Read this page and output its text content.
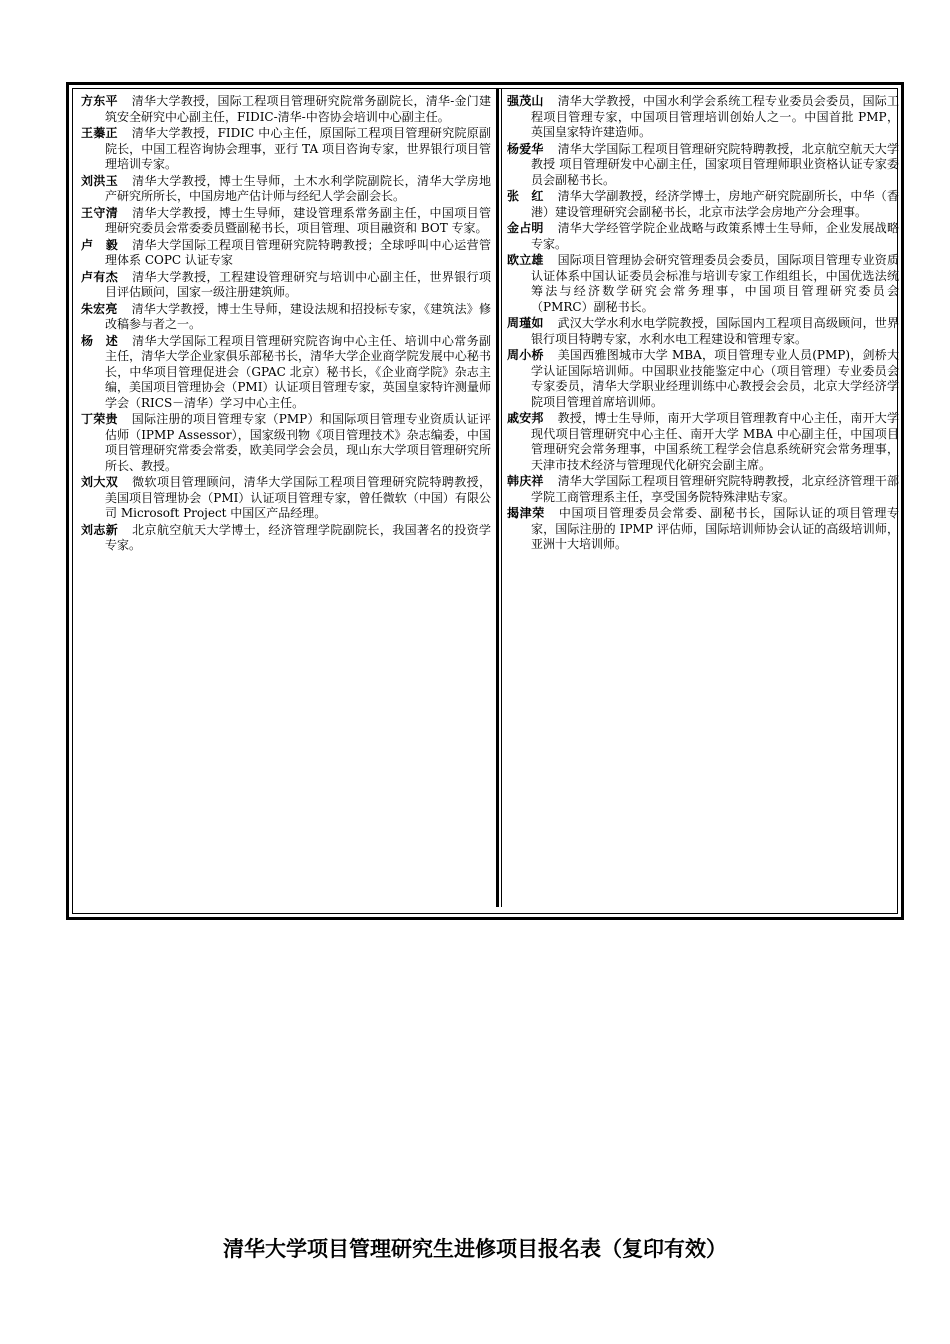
方东平 清华大学教授，国际工程项目管理研究院常务副院长，清华-金门建筑安全研究中心副主任，FIDIC-清华-中咨协会培训中心副主任。
王蓁正 清华大学教授，FIDIC 中心主任，原国际工程项目管理研究院原副院长，中国工程咨询协会理事，亚行 TA 项目咨询专家，世界银行项目管理培训专家。
刘洪玉 清华大学教授，博士生导师，土木水利学院副院长，清华大学房地产研究所所长，中国房地产估计师与经纪人学会副会长。
王守清 清华大学教授，博士生导师，建设管理系常务副主任，中国项目管理研究委员会常委委员暨副秘书长，项目管理、项目融资和 BOT 专家。
卢　毅 清华大学国际工程项目管理研究院特聘教授；全球呼叫中心运营管理体系 COPC 认证专家
卢有杰 清华大学教授，工程建设管理研究与培训中心副主任，世界银行项目评估顾问，国家一级注册建筑师。
朱宏亮 清华大学教授，博士生导师，建设法规和招投标专家，《建筑法》修改稿参与者之一。
杨　述 清华大学国际工程项目管理研究院咨询中心主任、培训中心常务副主任，清华大学企业家俱乐部秘书长，清华大学企业商学院发展中心秘书长，中华项目管理促进会（GPAC 北京）秘书长，《企业商学院》杂志主编，美国项目管理协会（PMI）认证项目管理专家，英国皇家特许测量师学会（RICS－清华）学习中心主任。
丁荣贵 国际注册的项目管理专家（PMP）和国际项目管理专业资质认证评估师（IPMP Assessor），国家级刊物《项目管理技术》杂志编委，中国项目管理研究常委会常委，欧美同学会会员，现山东大学项目管理研究所所长、教授。
刘大双 微软项目管理顾问，清华大学国际工程项目管理研究院特聘教授，美国项目管理协会（PMI）认证项目管理专家，曾任微软（中国）有限公司 Microsoft Project 中国区产品经理。
刘志新 北京航空航天大学博士，经济管理学院副院长，我国著名的投资学专家。
强茂山 清华大学教授，中国水利学会系统工程专业委员会委员，国际工程项目管理专家，中国项目管理培训创始人之一。中国首批 PMP，英国皇家特许建造师。
杨爱华 清华大学国际工程项目管理研究院特聘教授，北京航空航天大学教授 项目管理研发中心副主任，国家项目管理师职业资格认证专家委员会副秘书长。
张　红 清华大学副教授，经济学博士，房地产研究院副所长，中华（香港）建设管理研究会副秘书长，北京市法学会房地产分会理事。
金占明 清华大学经管学院企业战略与政策系博士生导师，企业发展战略专家。
欧立雄 国际项目管理协会研究管理委员会委员，国际项目管理专业资质认证体系中国认证委员会标准与培训专家工作组组长，中国优选法统筹法与经济数学研究会常务理事，中国项目管理研究委员会（PMRC）副秘书长。
周瑾如 武汉大学水利水电学院教授，国际国内工程项目高级顾问，世界银行项目特聘专家，水利水电工程建设和管理专家。
周小桥 美国西雅图城市大学 MBA，项目管理专业人员(PMP)，剑桥大学认证国际培训师。中国职业技能鉴定中心（项目管理）专业委员会专家委员，清华大学职业经理训练中心教授会会员，北京大学经济学院项目管理首席培训师。
戚安邦 教授，博士生导师，南开大学项目管理教育中心主任，南开大学现代项目管理研究中心主任、南开大学 MBA 中心副主任，中国项目管理研究会常务理事，中国系统工程学会信息系统研究会常务理事，天津市技术经济与管理现代化研究会副主席。
韩庆祥 清华大学国际工程项目管理研究院特聘教授，北京经济管理干部学院工商管理系主任，享受国务院特殊津贴专家。
揭津荣 中国项目管理委员会常委、副秘书长，国际认证的项目管理专家，国际注册的 IPMP 评估师，国际培训师协会认证的高级培训师，亚洲十大培训师。
清华大学项目管理研究生进修项目报名表（复印有效）
